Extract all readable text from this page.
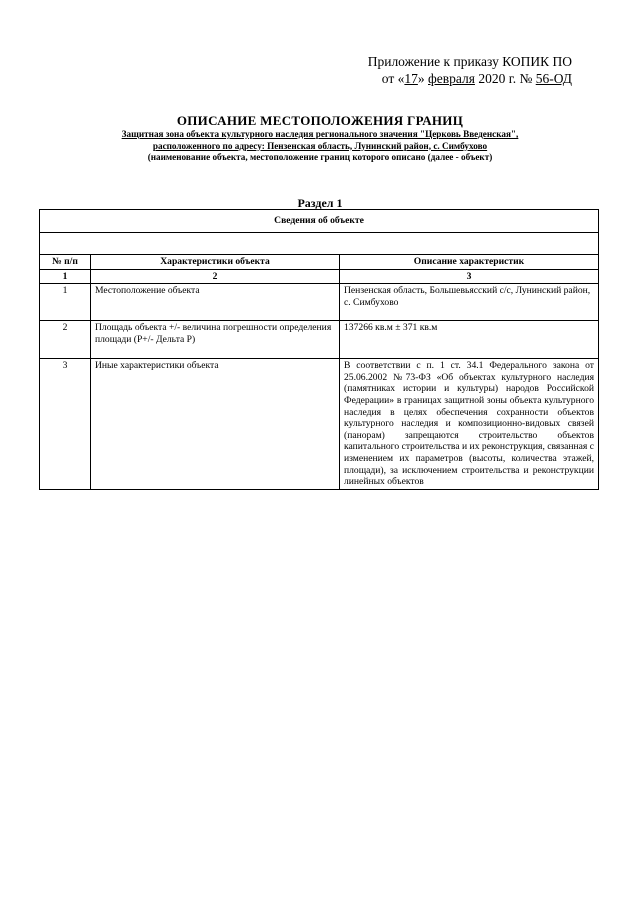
Приложение к приказу КОПИК ПО
от «17» февраля 2020 г. № 56-ОД
ОПИСАНИЕ МЕСТОПОЛОЖЕНИЯ ГРАНИЦ
Защитная зона объекта культурного наследия регионального значения "Церковь Введенская",
расположенного по адресу: Пензенская область, Лунинский район, с. Симбухово
(наименование объекта, местоположение границ которого описано (далее - объект)
Раздел 1
Сведения об объекте		

№ п/п	Характеристики объекта	Описание характеристик
1	2	3
1	Местоположение объекта	Пензенская область, Большевьясский с/с, Лунинский район, с. Симбухово
2	Площадь объекта +/- величина погрешности определения площади (Р+/- Дельта Р)	137266 кв.м ± 371 кв.м
3	Иные характеристики объекта	В соответствии с п. 1 ст. 34.1 Федерального закона от 25.06.2002 №73-ФЗ «Об объектах культурного наследия (памятниках истории и культуры) народов Российской Федерации» в границах защитной зоны объекта культурного наследия в целях обеспечения сохранности объектов культурного наследия и композиционно-видовых связей (панорам) запрещаются строительство объектов капитального строительства и их реконструкция, связанная с изменением их параметров (высоты, количества этажей, площади), за исключением строительства и реконструкции линейных объектов
